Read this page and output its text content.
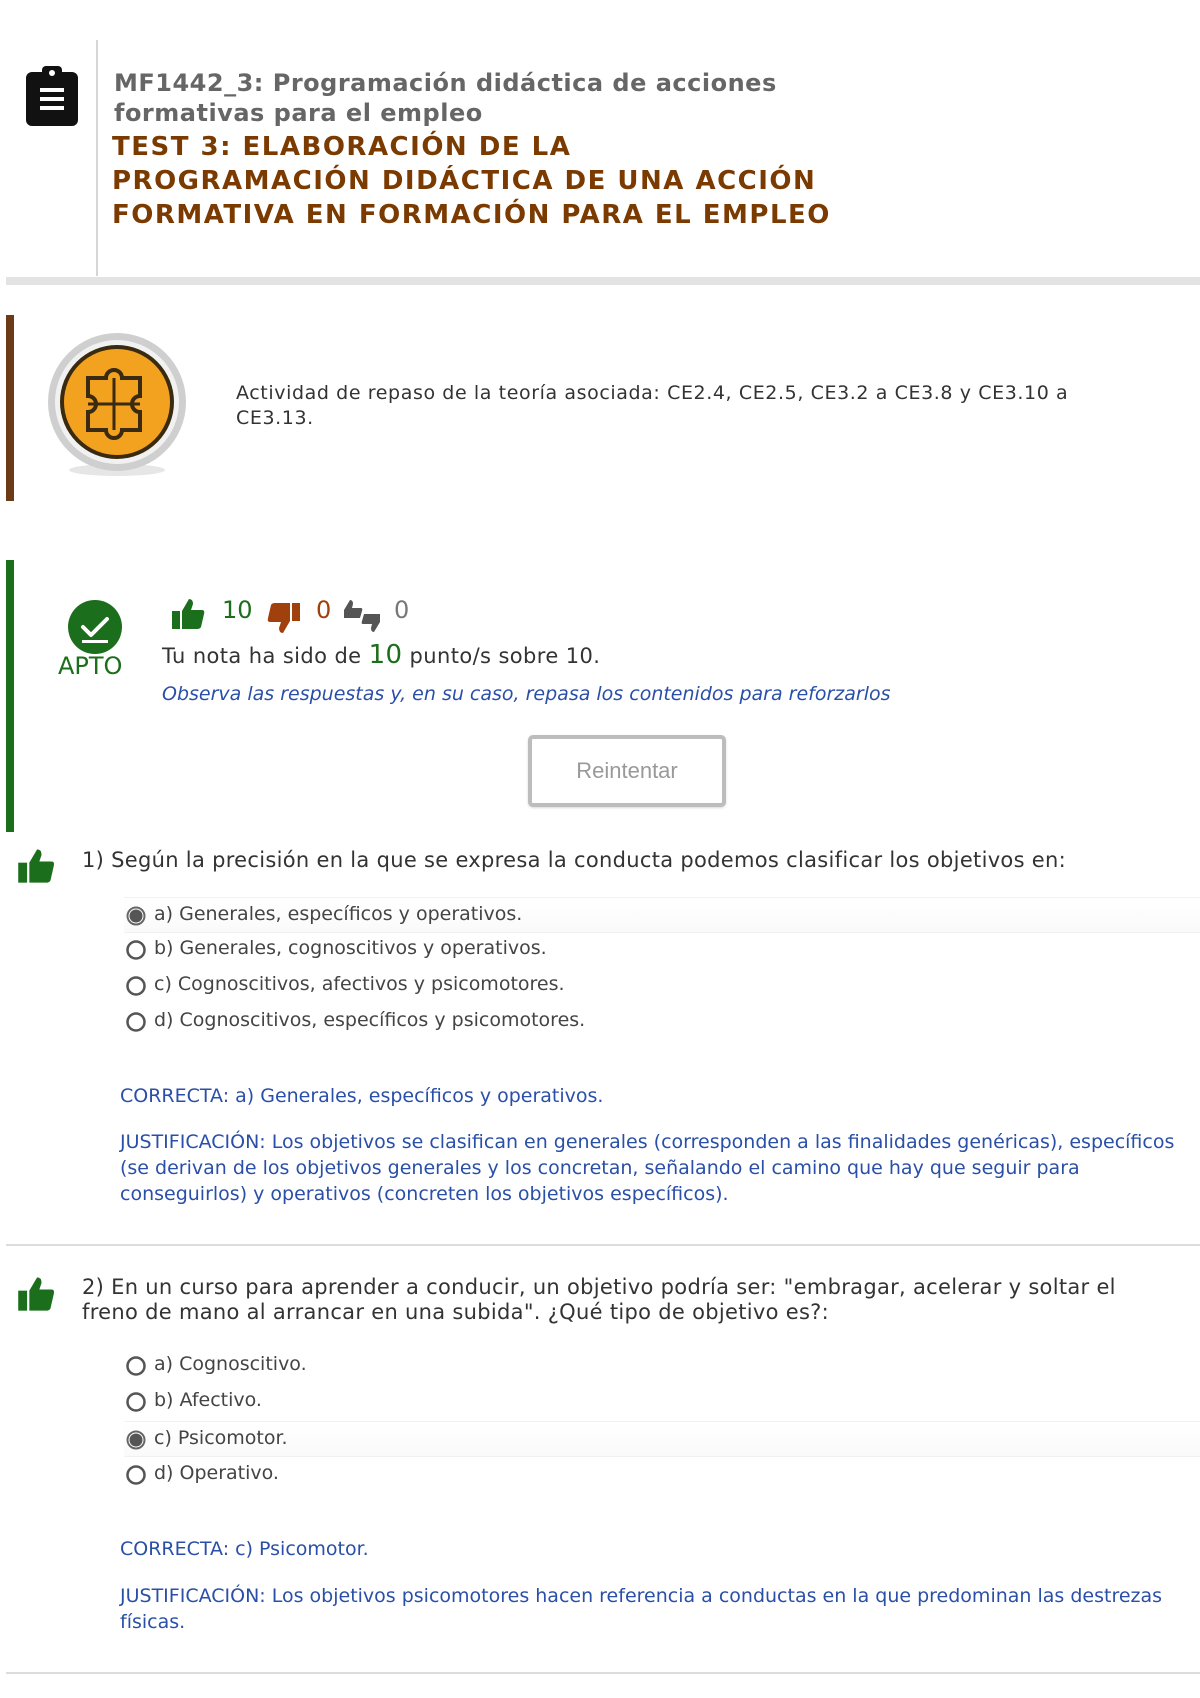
MF1442_3: Programación didáctica de acciones formativas para el empleo
TEST 3: ELABORACIÓN DE LA PROGRAMACIÓN DIDÁCTICA DE UNA ACCIÓN FORMATIVA EN FORMACIÓN PARA EL EMPLEO
Actividad de repaso de la teoría asociada: CE2.4, CE2.5, CE3.2 a CE3.8 y CE3.10 a CE3.13.
APTO
10	0	0
Tu nota ha sido de 10 punto/s sobre 10.
Observa las respuestas y, en su caso, repasa los contenidos para reforzarlos
Reintentar
1) Según la precisión en la que se expresa la conducta podemos clasificar los objetivos en:
a) Generales, específicos y operativos.
b) Generales, cognoscitivos y operativos.
c) Cognoscitivos, afectivos y psicomotores.
d) Cognoscitivos, específicos y psicomotores.
CORRECTA: a) Generales, específicos y operativos.
JUSTIFICACIÓN: Los objetivos se clasifican en generales (corresponden a las finalidades genéricas), específicos (se derivan de los objetivos generales y los concretan, señalando el camino que hay que seguir para conseguirlos) y operativos (concreten los objetivos específicos).
2) En un curso para aprender a conducir, un objetivo podría ser: "embragar, acelerar y soltar el freno de mano al arrancar en una subida". ¿Qué tipo de objetivo es?:
a) Cognoscitivo.
b) Afectivo.
c) Psicomotor.
d) Operativo.
CORRECTA: c) Psicomotor.
JUSTIFICACIÓN: Los objetivos psicomotores hacen referencia a conductas en la que predominan las destrezas físicas.
